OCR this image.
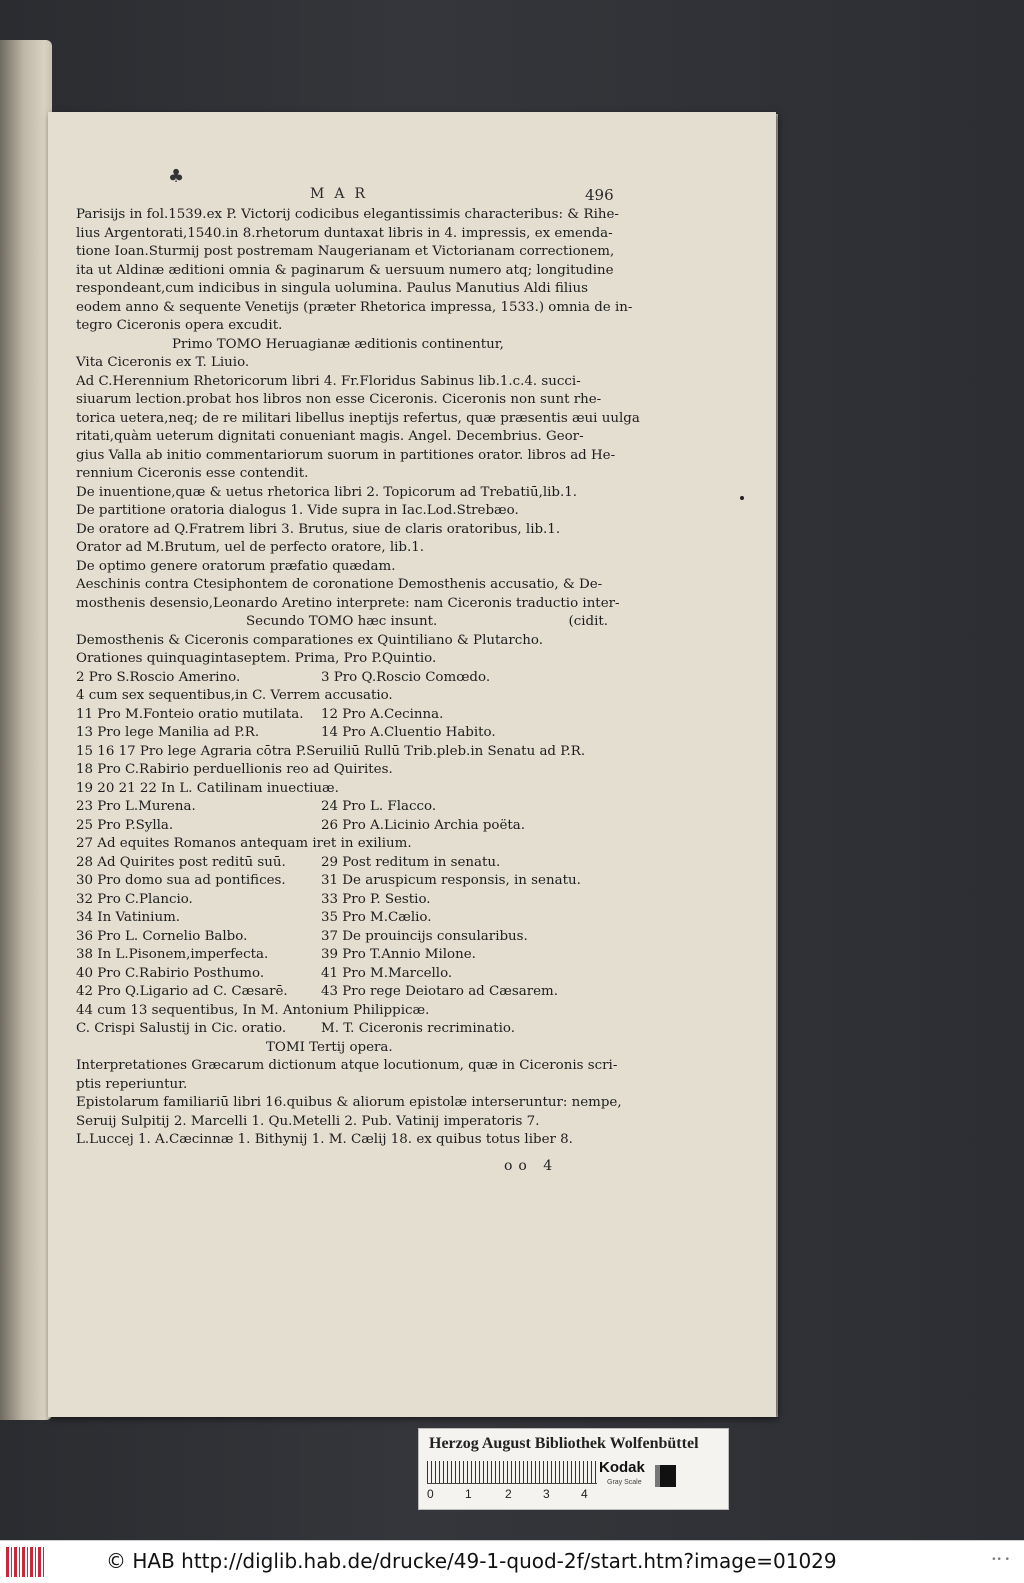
♣
MAR	496
Parisijs in fol.1539.ex P. Victorij codicibus elegantissimis characteribus: & Rihe-
lius Argentorati,1540.in 8.rhetorum duntaxat libris in 4. impressis, ex emenda-
tione Ioan.Sturmij post postremam Naugerianam et Victorianam correctionem,
ita ut Aldinæ æditioni omnia & paginarum & uersuum numero atq; longitudine
respondeant,cum indicibus in singula uolumina. Paulus Manutius Aldi filius
eodem anno & sequente Venetijs (præter Rhetorica impressa, 1533.) omnia de in-
tegro Ciceronis opera excudit.
Primo TOMO Heruagianæ æditionis continentur,
Vita Ciceronis ex T. Liuio.
Ad C.Herennium Rhetoricorum libri 4. Fr.Floridus Sabinus lib.1.c.4. succi-
siuarum lection.probat hos libros non esse Ciceronis. Ciceronis non sunt rhe-
torica uetera,neq; de re militari libellus ineptijs refertus, quæ præsentis æui uulga
ritati,quàm ueterum dignitati conueniant magis. Angel. Decembrius. Geor-
gius Valla ab initio commentariorum suorum in partitiones orator. libros ad He-
rennium Ciceronis esse contendit.
De inuentione,quæ & uetus rhetorica libri 2. Topicorum ad Trebatiū,lib.1.
De partitione oratoria dialogus 1. Vide supra in Iac.Lod.Strebæo.
De oratore ad Q.Fratrem libri 3. Brutus, siue de claris oratoribus, lib.1.
Orator ad M.Brutum, uel de perfecto oratore, lib.1.
De optimo genere oratorum præfatio quædam.
Aeschinis contra Ctesiphontem de coronatione Demosthenis accusatio, & De-
mosthenis desensio,Leonardo Aretino interprete: nam Ciceronis traductio inter-
Secundo TOMO hæc insunt.	(cidit.
Demosthenis & Ciceronis comparationes ex Quintiliano & Plutarcho.
Orationes quinquagintaseptem. Prima, Pro P.Quintio.
2 Pro S.Roscio Amerino.	3 Pro Q.Roscio Comœdo.
4 cum sex sequentibus,in C. Verrem accusatio.
11 Pro M.Fonteio oratio mutilata. 12 Pro A.Cecinna.
13 Pro lege Manilia ad P.R.	14 Pro A.Cluentio Habito.
15 16 17 Pro lege Agraria cōtra P.Seruiliū Rullū Trib.pleb.in Senatu ad P.R.
18 Pro C.Rabirio perduellionis reo ad Quirites.
19 20 21 22 In L. Catilinam inuectiuæ.
23 Pro L.Murena.	24 Pro L. Flacco.
25 Pro P.Sylla.	26 Pro A.Licinio Archia poëta.
27 Ad equites Romanos antequam iret in exilium.
28 Ad Quirites post reditū suū.	29 Post reditum in senatu.
30 Pro domo sua ad pontifices.	31 De aruspicum responsis, in senatu.
32 Pro C.Plancio.	33 Pro P. Sestio.
34 In Vatinium.	35 Pro M.Cælio.
36 Pro L. Cornelio Balbo.	37 De prouincijs consularibus.
38 In L.Pisonem,imperfecta.	39 Pro T.Annio Milone.
40 Pro C.Rabirio Posthumo.	41 Pro M.Marcello.
42 Pro Q.Ligario ad C. Cæsarē. 43 Pro rege Deiotaro ad Cæsarem.
44 cum 13 sequentibus, In M. Antonium Philippicæ.
C. Crispi Salustij in Cic. oratio.	M. T. Ciceronis recriminatio.
TOMI Tertij opera.
Interpretationes Græcarum dictionum atque locutionum, quæ in Ciceronis scri-
ptis reperiuntur.
Epistolarum familiariū libri 16.quibus & aliorum epistolæ interseruntur: nempe,
Seruij Sulpitij 2. Marcelli 1. Qu.Metelli 2. Pub. Vatinij imperatoris 7.
L.Luccej 1. A.Cæcinnæ 1. Bithynij 1. M. Cælij 18. ex quibus totus liber 8.
oo 4
Herzog August Bibliothek Wolfenbüttel
0	1	2	3	4
Kodak
Gray Scale
© HAB http://diglib.hab.de/drucke/49-1-quod-2f/start.htm?image=01029	•• •
